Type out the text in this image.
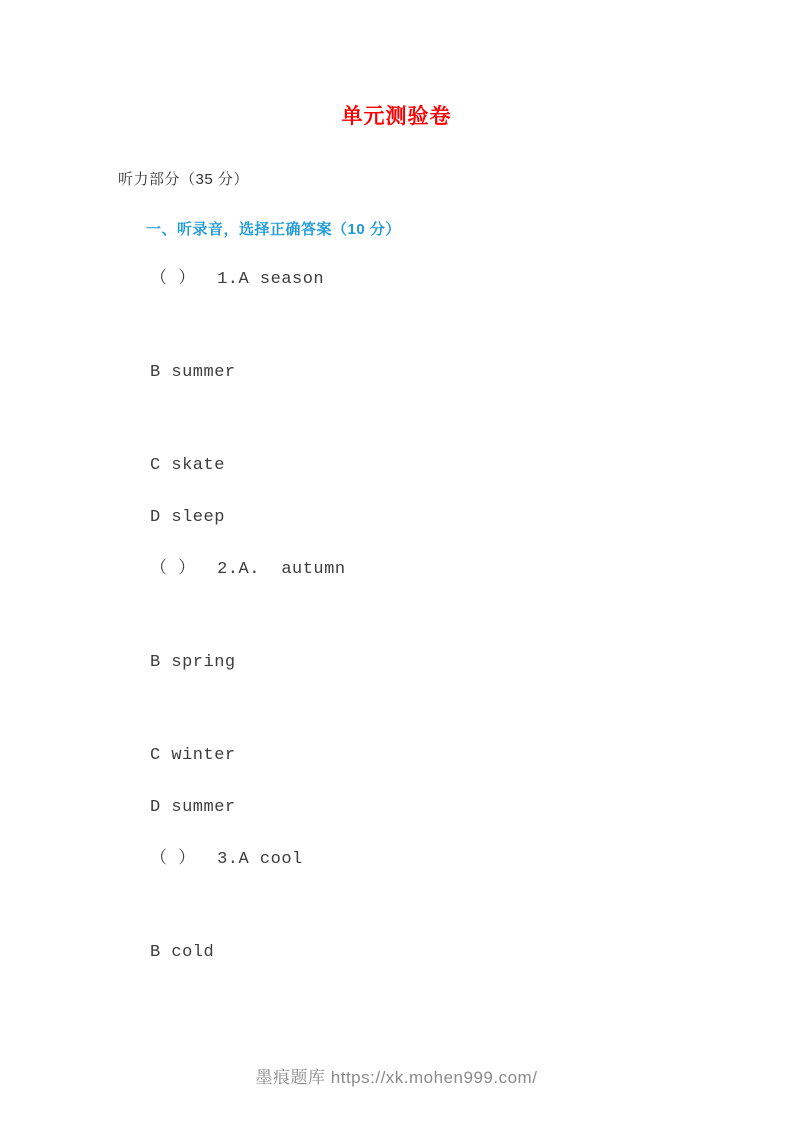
单元测验卷
听力部分（35 分）
一、听录音，选择正确答案（10 分）
（ ）  1.A season
B summer
C skate
D sleep
（ ）  2.A.  autumn
B spring
C winter
D summer
（ ）  3.A cool
B cold
墨痕题库 https://xk.mohen999.com/
